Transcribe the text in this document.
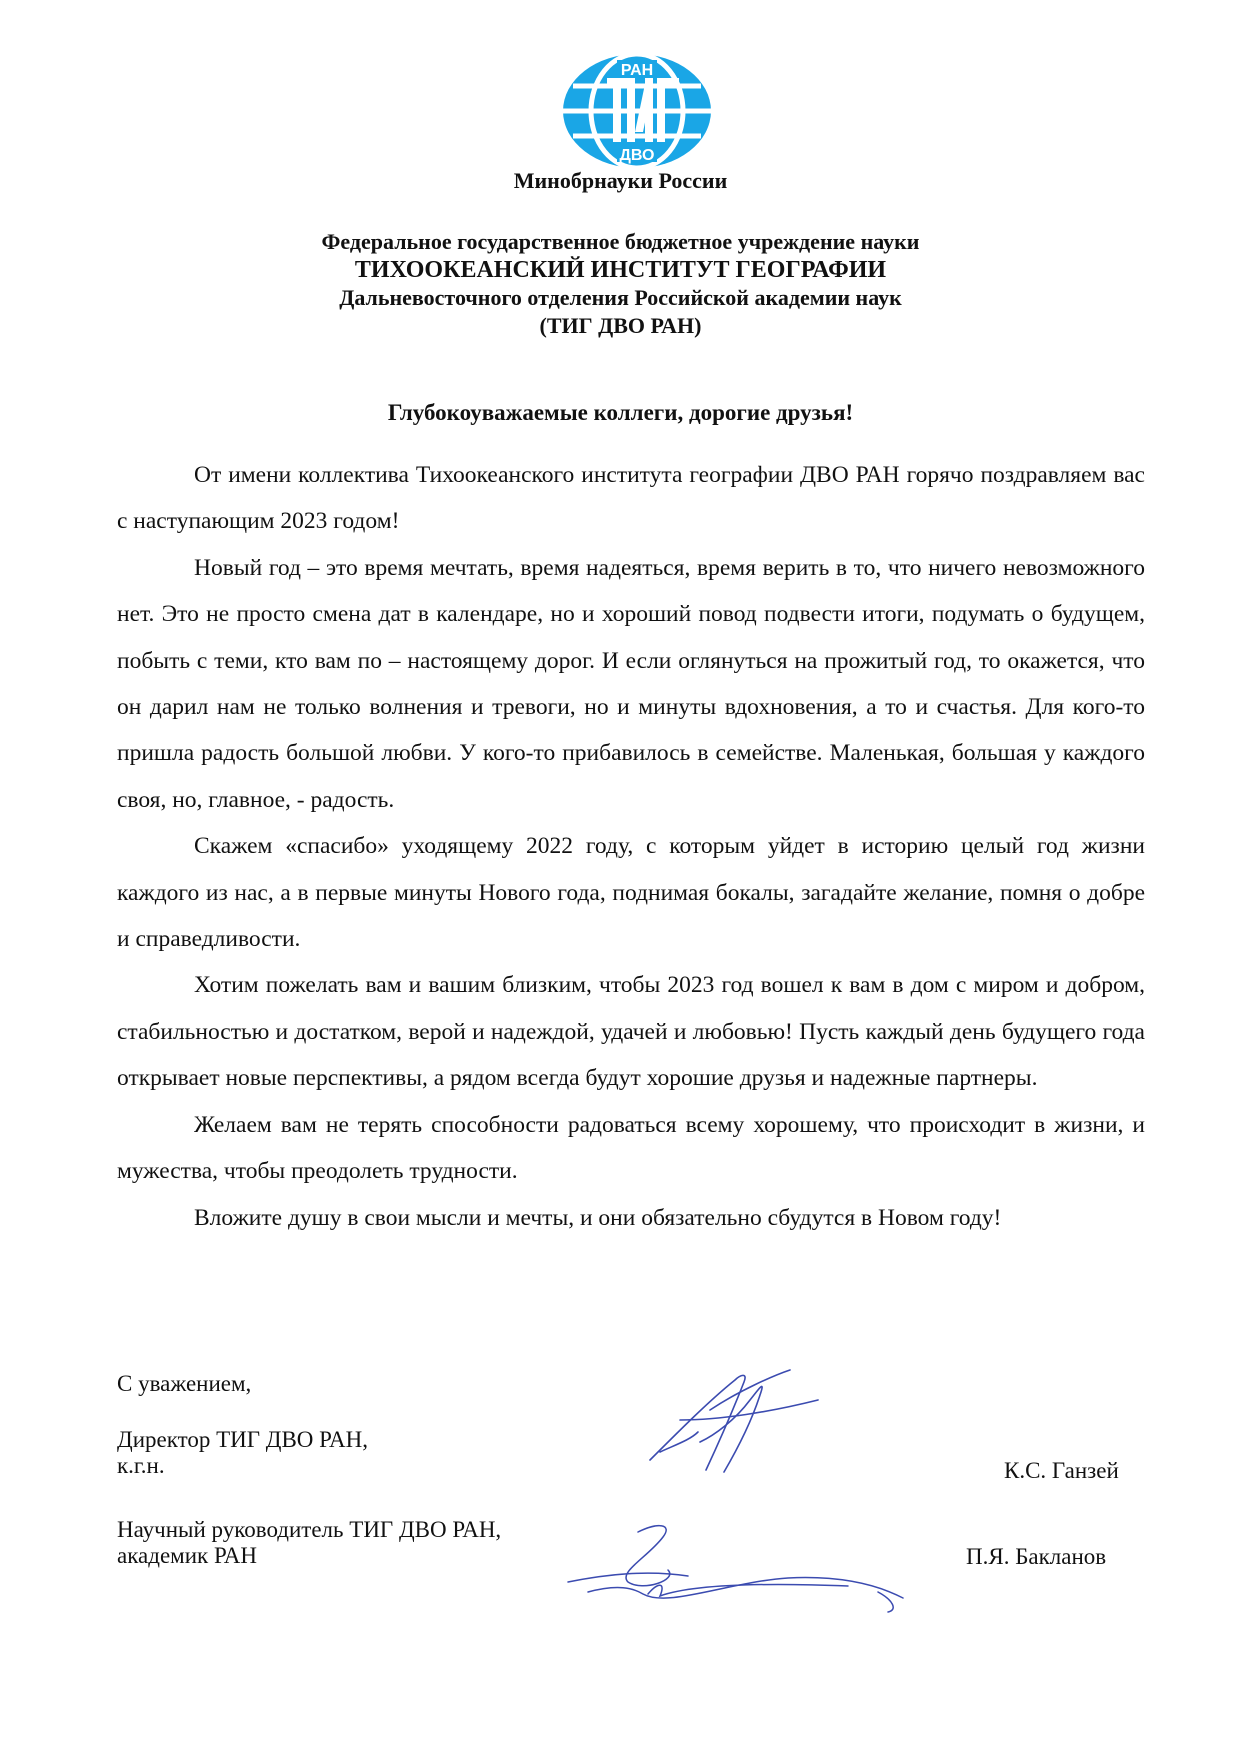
РАН
ДВО
Минобрнауки России
Федеральное государственное бюджетное учреждение науки
ТИХООКЕАНСКИЙ ИНСТИТУТ ГЕОГРАФИИ
Дальневосточного отделения Российской академии наук
(ТИГ ДВО РАН)
Глубокоуважаемые коллеги, дорогие друзья!

От имени коллектива Тихоокеанского института географии ДВО РАН горячо поздравляем вас с наступающим 2023 годом!

Новый год – это время мечтать, время надеяться, время верить в то, что ничего невозможного нет. Это не просто смена дат в календаре, но и хороший повод подвести итоги, подумать о будущем, побыть с теми, кто вам по – настоящему дорог. И если оглянуться на прожитый год, то окажется, что он дарил нам не только волнения и тревоги, но и минуты вдохновения, а то и счастья. Для кого-то пришла радость большой любви. У кого-то прибавилось в семействе. Маленькая, большая у каждого своя, но, главное, - радость.

Скажем «спасибо» уходящему 2022 году, с которым уйдет в историю целый год жизни каждого из нас, а в первые минуты Нового года, поднимая бокалы, загадайте желание, помня о добре и справедливости.

Хотим пожелать вам и вашим близким, чтобы 2023 год вошел к вам в дом с миром и добром, стабильностью и достатком, верой и надеждой, удачей и любовью! Пусть каждый день будущего года открывает новые перспективы, а рядом всегда будут хорошие друзья и надежные партнеры.

Желаем вам не терять способности радоваться всему хорошему, что происходит в жизни, и мужества, чтобы преодолеть трудности.

Вложите душу в свои мысли и мечты, и они обязательно сбудутся в Новом году!

С уважением,
Директор ТИГ ДВО РАН,
к.г.н.	К.С. Ганзей
Научный руководитель ТИГ ДВО РАН,
академик РАН	П.Я. Бакланов
